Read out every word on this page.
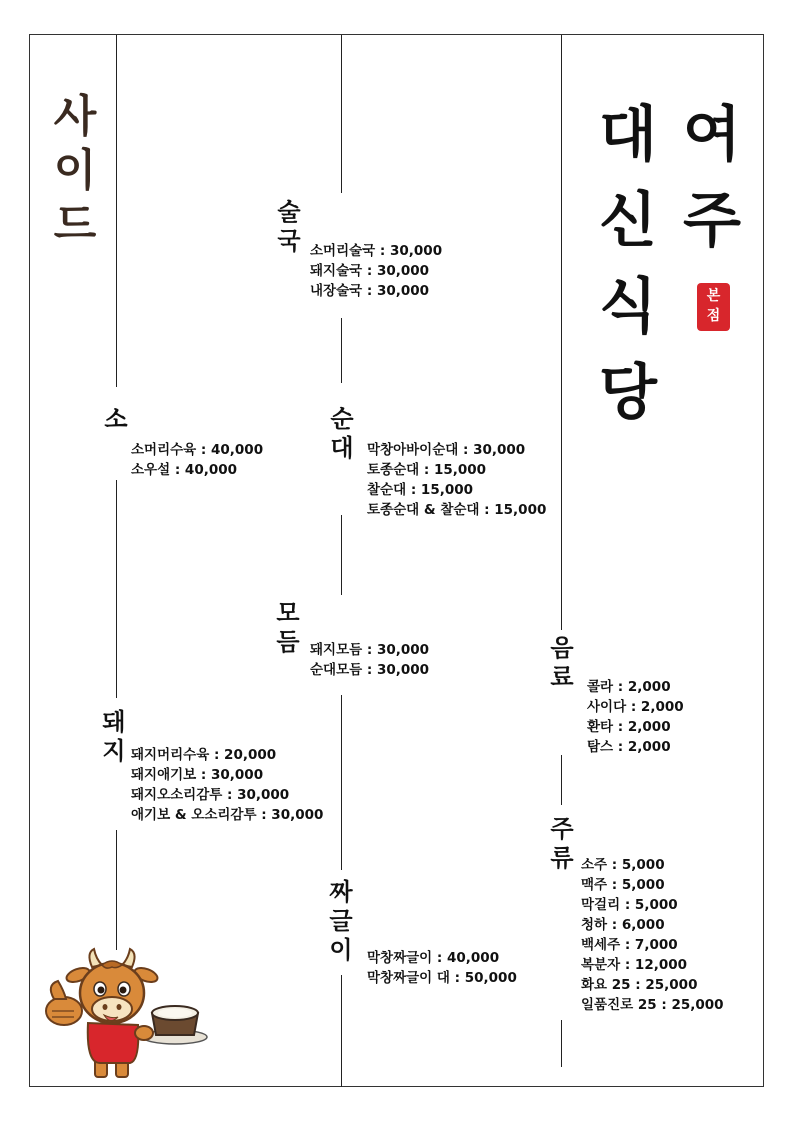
사
이
드
대
신
식
당
여
주
본
점
소
소머리수육 : 40,000
소우설 : 40,000
돼
지 돼지머리수육 : 20,000
돼지애기보 : 30,000
돼지오소리감투 : 30,000
애기보 & 오소리감투 : 30,000
술
국 소머리술국 : 30,000
돼지술국 : 30,000
내장술국 : 30,000
순
대 막창아바이순대 : 30,000
토종순대 : 15,000
찰순대 : 15,000
토종순대 & 찰순대 : 15,000
모
듬 돼지모듬 : 30,000
순대모듬 : 30,000
짜
글
이 막창짜글이 : 40,000
막창짜글이 대 : 50,000
음
료 콜라 : 2,000
사이다 : 2,000
환타 : 2,000
탐스 : 2,000
주
류 소주 : 5,000
맥주 : 5,000
막걸리 : 5,000
청하 : 6,000
백세주 : 7,000
복분자 : 12,000
화요 25 : 25,000
일품진로 25 : 25,000
